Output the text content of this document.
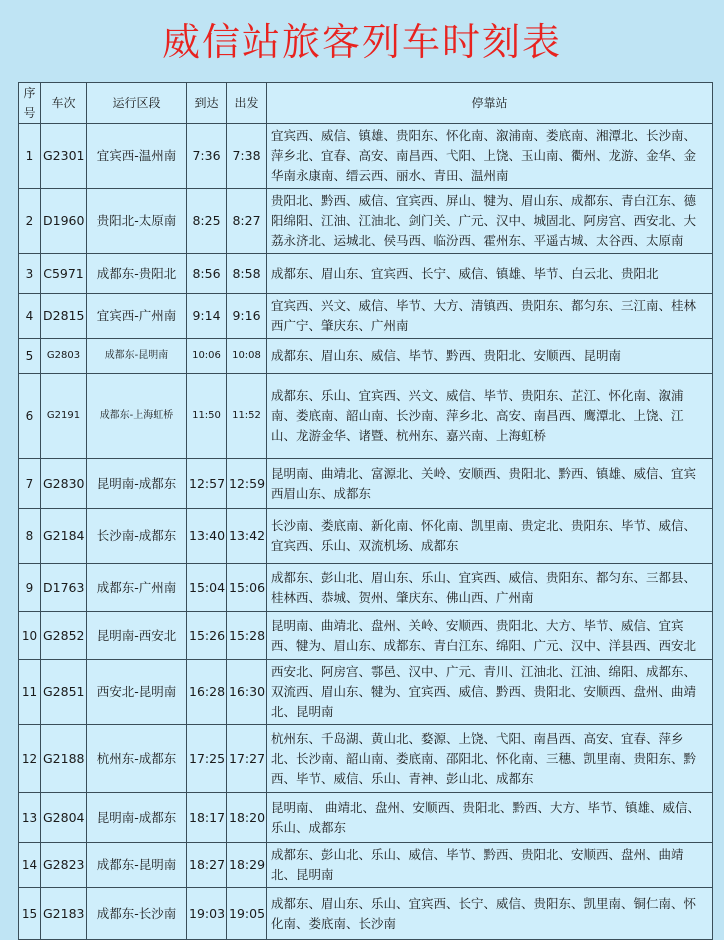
威信站旅客列车时刻表
序号	车次	运行区段	到达	出发	停靠站
1	G2301	宜宾西-温州南	7:36	7:38	宜宾西、威信、镇雄、贵阳东、怀化南、溆浦南、娄底南、湘潭北、长沙南、萍乡北、宜春、高安、南昌西、弋阳、上饶、玉山南、衢州、龙游、金华、金华南永康南、缙云西、丽水、青田、温州南
2	D1960	贵阳北-太原南	8:25	8:27	贵阳北、黔西、威信、宜宾西、屏山、犍为、眉山东、成都东、青白江东、德阳绵阳、江油、江油北、剑门关、广元、汉中、城固北、阿房宫、西安北、大荔永济北、运城北、侯马西、临汾西、霍州东、平遥古城、太谷西、太原南
3	C5971	成都东-贵阳北	8:56	8:58	成都东、眉山东、宜宾西、长宁、威信、镇雄、毕节、白云北、贵阳北
4	D2815	宜宾西-广州南	9:14	9:16	宜宾西、兴文、威信、毕节、大方、清镇西、贵阳东、都匀东、三江南、桂林西广宁、肇庆东、广州南
5	G2803	成都东-昆明南	10:06	10:08	成都东、眉山东、威信、毕节、黔西、贵阳北、安顺西、昆明南
6	G2191	成都东-上海虹桥	11:50	11:52	成都东、乐山、宜宾西、兴文、威信、毕节、贵阳东、芷江、怀化南、溆浦南、娄底南、韶山南、长沙南、萍乡北、高安、南昌西、鹰潭北、上饶、江山、龙游金华、诸暨、杭州东、嘉兴南、上海虹桥
7	G2830	昆明南-成都东	12:57	12:59	昆明南、曲靖北、富源北、关岭、安顺西、贵阳北、黔西、镇雄、威信、宜宾西眉山东、成都东
8	G2184	长沙南-成都东	13:40	13:42	长沙南、娄底南、新化南、怀化南、凯里南、贵定北、贵阳东、毕节、威信、宜宾西、乐山、双流机场、成都东
9	D1763	成都东-广州南	15:04	15:06	成都东、彭山北、眉山东、乐山、宜宾西、威信、贵阳东、都匀东、三都县、桂林西、恭城、贺州、肇庆东、佛山西、广州南
10	G2852	昆明南-西安北	15:26	15:28	昆明南、曲靖北、盘州、关岭、安顺西、贵阳北、大方、毕节、威信、宜宾西、犍为、眉山东、成都东、青白江东、绵阳、广元、汉中、洋县西、西安北
11	G2851	西安北-昆明南	16:28	16:30	西安北、阿房宫、鄠邑、汉中、广元、青川、江油北、江油、绵阳、成都东、双流西、眉山东、犍为、宜宾西、威信、黔西、贵阳北、安顺西、盘州、曲靖北、昆明南
12	G2188	杭州东-成都东	17:25	17:27	杭州东、千岛湖、黄山北、婺源、上饶、弋阳、南昌西、高安、宜春、萍乡北、长沙南、韶山南、娄底南、邵阳北、怀化南、三穗、凯里南、贵阳东、黔西、毕节、威信、乐山、青神、彭山北、成都东
13	G2804	昆明南-成都东	18:17	18:20	昆明南、 曲靖北、盘州、安顺西、贵阳北、黔西、大方、毕节、镇雄、威信、乐山、成都东
14	G2823	成都东-昆明南	18:27	18:29	成都东、彭山北、乐山、威信、毕节、黔西、贵阳北、安顺西、盘州、曲靖北、昆明南
15	G2183	成都东-长沙南	19:03	19:05	成都东、眉山东、乐山、宜宾西、长宁、威信、贵阳东、凯里南、铜仁南、怀化南、娄底南、长沙南
